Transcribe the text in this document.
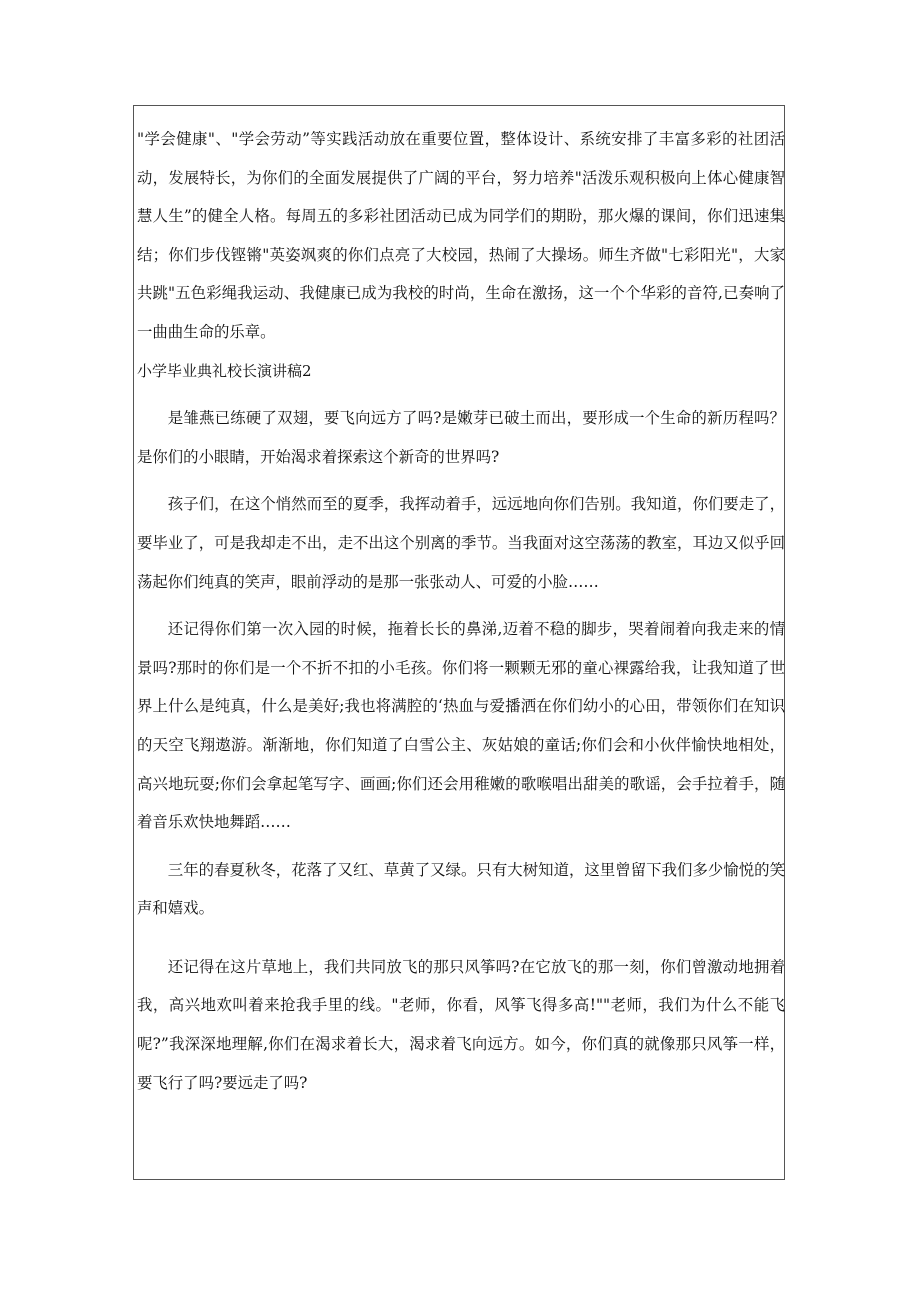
"学会健康"、"学会劳动”等实践活动放在重要位置，整体设计、系统安排了丰富多彩的社团活动，发展特长，为你们的全面发展提供了广阔的平台，努力培养"活泼乐观积极向上体心健康智慧人生”的健全人格。每周五的多彩社团活动已成为同学们的期盼，那火爆的课间，你们迅速集结；你们步伐铿锵"英姿飒爽的你们点亮了大校园，热闹了大操场。师生齐做"七彩阳光"，大家共跳"五色彩绳我运动、我健康已成为我校的时尚，生命在激扬，这一个个华彩的音符,已奏响了一曲曲生命的乐章。

小学毕业典礼校长演讲稿2

是雏燕已练硬了双翅，要飞向远方了吗?是嫩芽已破土而出，要形成一个生命的新历程吗？是你们的小眼睛，开始渴求着探索这个新奇的世界吗?

孩子们，在这个悄然而至的夏季，我挥动着手，远远地向你们告别。我知道，你们要走了，要毕业了，可是我却走不出，走不出这个别离的季节。当我面对这空荡荡的教室，耳边又似乎回荡起你们纯真的笑声，眼前浮动的是那一张张动人、可爱的小脸……

还记得你们第一次入园的时候，拖着长长的鼻涕,迈着不稳的脚步，哭着闹着向我走来的情景吗?那时的你们是一个不折不扣的小毛孩。你们将一颗颗无邪的童心裸露给我，让我知道了世界上什么是纯真，什么是美好;我也将满腔的‘热血与爱播洒在你们幼小的心田，带领你们在知识的天空飞翔遨游。渐渐地，你们知道了白雪公主、灰姑娘的童话;你们会和小伙伴愉快地相处，高兴地玩耍;你们会拿起笔写字、画画;你们还会用稚嫩的歌喉唱出甜美的歌谣，会手拉着手，随着音乐欢快地舞蹈……

三年的春夏秋冬，花落了又红、草黄了又绿。只有大树知道，这里曾留下我们多少愉悦的笑声和嬉戏。

还记得在这片草地上，我们共同放飞的那只风筝吗?在它放飞的那一刻，你们曾激动地拥着我，高兴地欢叫着来抢我手里的线。"老师，你看，风筝飞得多高!""老师，我们为什么不能飞呢?”我深深地理解,你们在渴求着长大，渴求着飞向远方。如今，你们真的就像那只风筝一样，要飞行了吗?要远走了吗?
